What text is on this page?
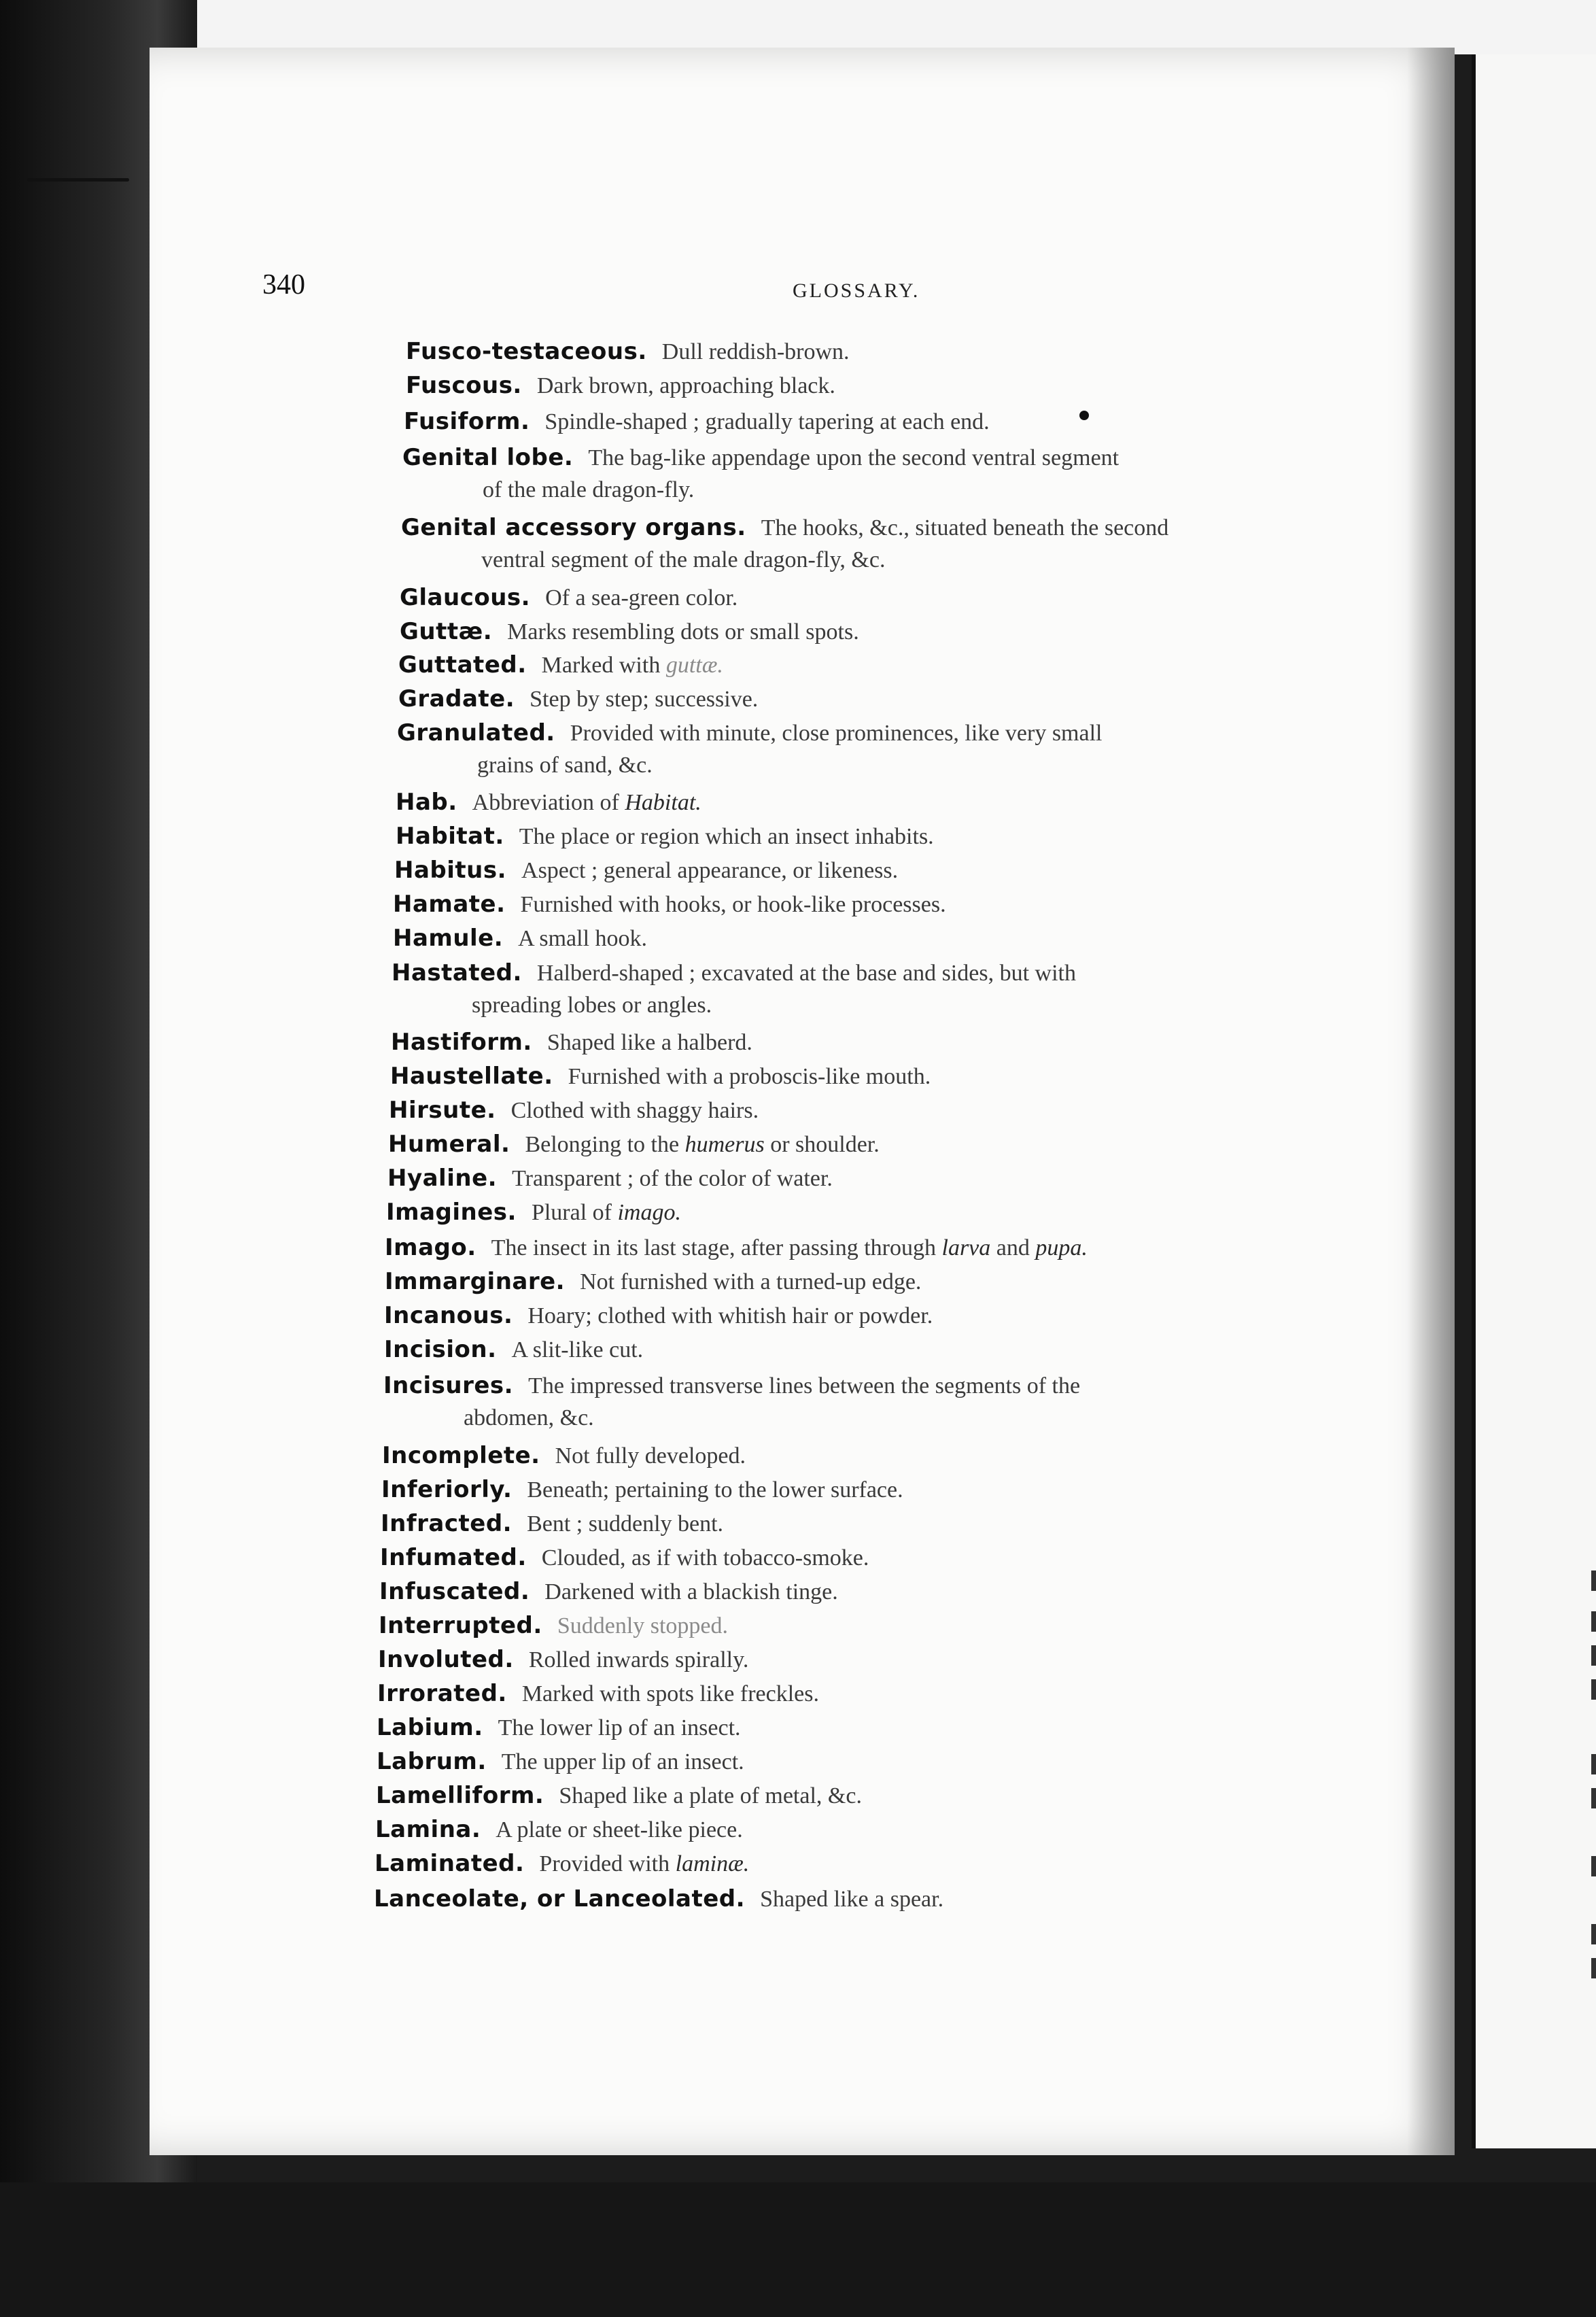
340	GLOSSARY.
Fusco-testaceous. Dull reddish-brown.
Fuscous. Dark brown, approaching black.
Fusiform. Spindle-shaped ; gradually tapering at each end.
Genital lobe. The bag-like appendage upon the second ventral segment
of the male dragon-fly.
Genital accessory organs. The hooks, &c., situated beneath the second
ventral segment of the male dragon-fly, &c.
Glaucous. Of a sea-green color.
Guttæ. Marks resembling dots or small spots.
Guttated. Marked with guttæ.
Gradate. Step by step; successive.
Granulated. Provided with minute, close prominences, like very small
grains of sand, &c.
Hab. Abbreviation of Habitat.
Habitat. The place or region which an insect inhabits.
Habitus. Aspect ; general appearance, or likeness.
Hamate. Furnished with hooks, or hook-like processes.
Hamule. A small hook.
Hastated. Halberd-shaped ; excavated at the base and sides, but with
spreading lobes or angles.
Hastiform. Shaped like a halberd.
Haustellate. Furnished with a proboscis-like mouth.
Hirsute. Clothed with shaggy hairs.
Humeral. Belonging to the humerus or shoulder.
Hyaline. Transparent ; of the color of water.
Imagines. Plural of imago.
Imago. The insect in its last stage, after passing through larva and pupa.
Immarginare. Not furnished with a turned-up edge.
Incanous. Hoary; clothed with whitish hair or powder.
Incision. A slit-like cut.
Incisures. The impressed transverse lines between the segments of the
abdomen, &c.
Incomplete. Not fully developed.
Inferiorly. Beneath; pertaining to the lower surface.
Infracted. Bent ; suddenly bent.
Infumated. Clouded, as if with tobacco-smoke.
Infuscated. Darkened with a blackish tinge.
Interrupted. Suddenly stopped.
Involuted. Rolled inwards spirally.
Irrorated. Marked with spots like freckles.
Labium. The lower lip of an insect.
Labrum. The upper lip of an insect.
Lamelliform. Shaped like a plate of metal, &c.
Lamina. A plate or sheet-like piece.
Laminated. Provided with laminæ.
Lanceolate, or Lanceolated. Shaped like a spear.
